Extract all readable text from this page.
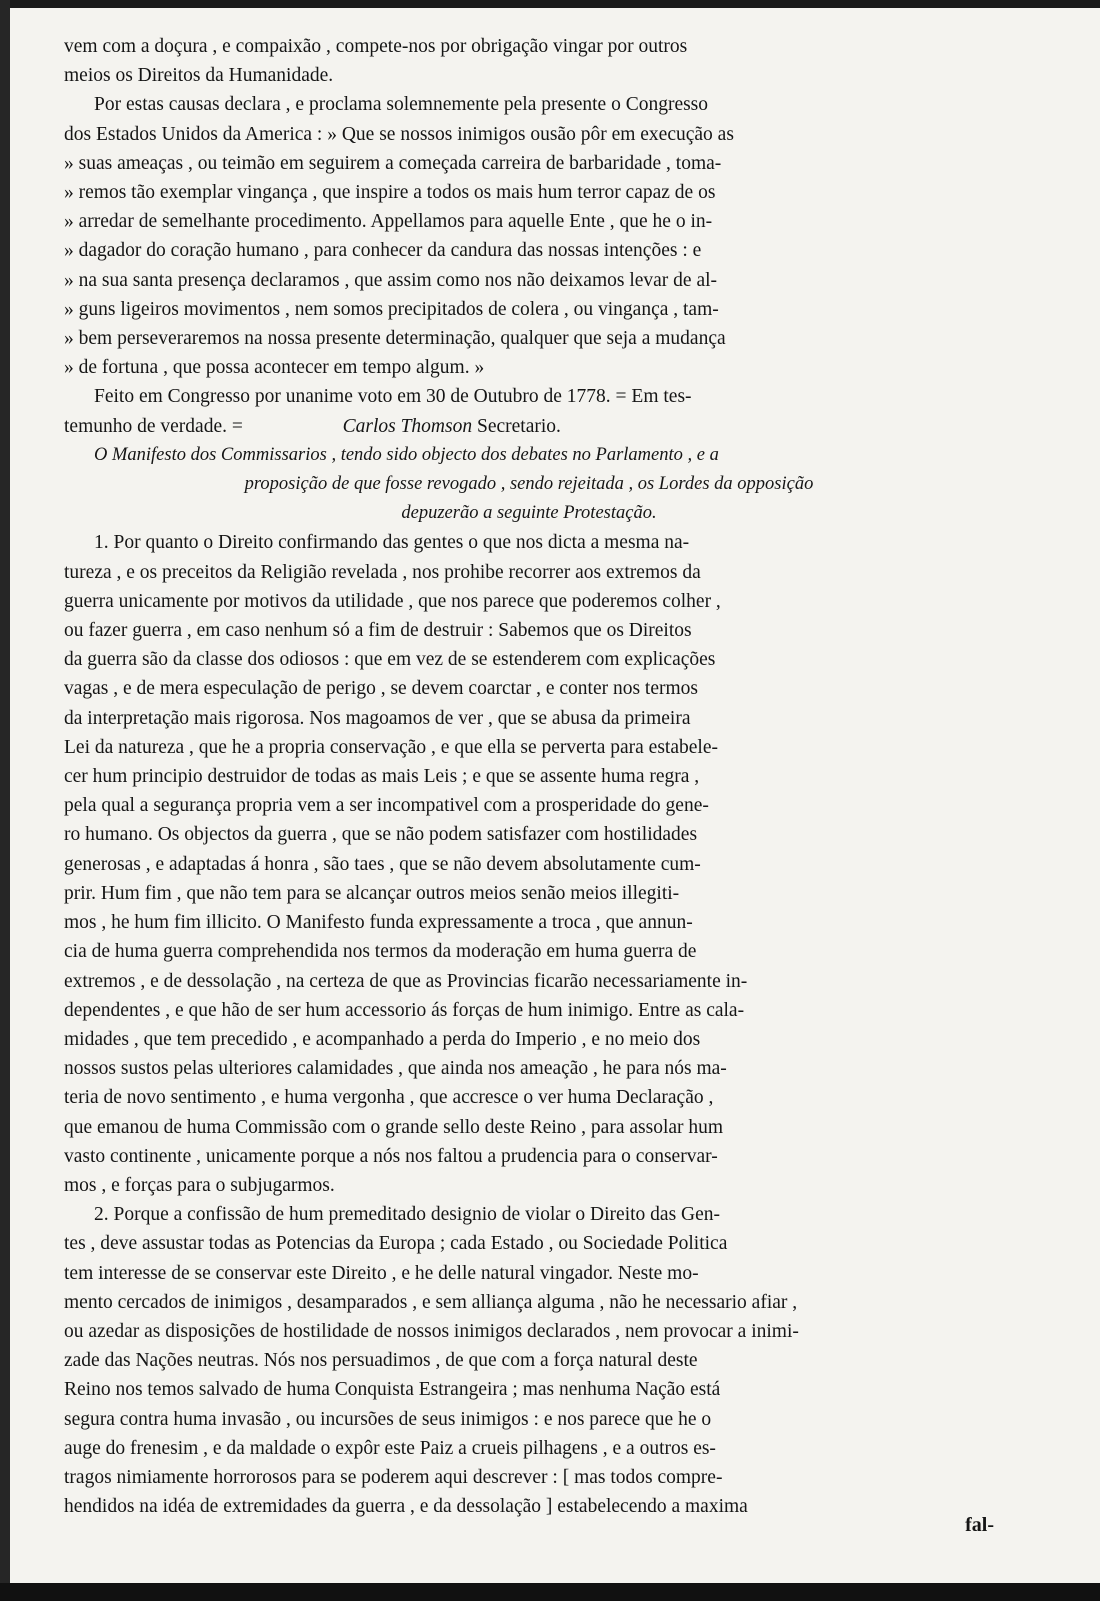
vem com a doçura , e compaixão , compete-nos por obrigação vingar por outros
meios os Direitos da Humanidade.
Por estas causas declara , e proclama solemnemente pela presente o Congresso
dos Estados Unidos da America : » Que se nossos inimigos ousão pôr em execução as
» suas ameaças , ou teimão em seguirem a começada carreira de barbaridade , toma-
» remos tão exemplar vingança , que inspire a todos os mais hum terror capaz de os
» arredar de semelhante procedimento. Appellamos para aquelle Ente , que he o in-
» dagador do coração humano , para conhecer da candura das nossas intenções : e
» na sua santa presença declaramos , que assim como nos não deixamos levar de al-
» guns ligeiros movimentos , nem somos precipitados de colera , ou vingança , tam-
» bem perseveraremos na nossa presente determinação, qualquer que seja a mudança
» de fortuna , que possa acontecer em tempo algum. »
Feito em Congresso por unanime voto em 30 de Outubro de 1778. = Em tes-
temunho de verdade. =	Carlos Thomson Secretario.
O Manifesto dos Commissarios , tendo sido objecto dos debates no Parlamento , e a
proposição de que fosse revogado , sendo rejeitada , os Lordes da opposição
depuzerão a seguinte Protestação.
1. Por quanto o Direito confirmando das gentes o que nos dicta a mesma na-
tureza , e os preceitos da Religião revelada , nos prohibe recorrer aos extremos da
guerra unicamente por motivos da utilidade , que nos parece que poderemos colher ,
ou fazer guerra , em caso nenhum só a fim de destruir : Sabemos que os Direitos
da guerra são da classe dos odiosos : que em vez de se estenderem com explicações
vagas , e de mera especulação de perigo , se devem coarctar , e conter nos termos
da interpretação mais rigorosa. Nos magoamos de ver , que se abusa da primeira
Lei da natureza , que he a propria conservação , e que ella se perverta para estabele-
cer hum principio destruidor de todas as mais Leis ; e que se assente huma regra ,
pela qual a segurança propria vem a ser incompativel com a prosperidade do gene-
ro humano. Os objectos da guerra , que se não podem satisfazer com hostilidades
generosas , e adaptadas á honra , são taes , que se não devem absolutamente cum-
prir. Hum fim , que não tem para se alcançar outros meios senão meios illegiti-
mos , he hum fim illicito. O Manifesto funda expressamente a troca , que annun-
cia de huma guerra comprehendida nos termos da moderação em huma guerra de
extremos , e de dessolação , na certeza de que as Provincias ficarão necessariamente in-
dependentes , e que hão de ser hum accessorio ás forças de hum inimigo. Entre as cala-
midades , que tem precedido , e acompanhado a perda do Imperio , e no meio dos
nossos sustos pelas ulteriores calamidades , que ainda nos ameação , he para nós ma-
teria de novo sentimento , e huma vergonha , que accresce o ver huma Declaração ,
que emanou de huma Commissão com o grande sello deste Reino , para assolar hum
vasto continente , unicamente porque a nós nos faltou a prudencia para o conservar-
mos , e forças para o subjugarmos.
2. Porque a confissão de hum premeditado designio de violar o Direito das Gen-
tes , deve assustar todas as Potencias da Europa ; cada Estado , ou Sociedade Politica
tem interesse de se conservar este Direito , e he delle natural vingador. Neste mo-
mento cercados de inimigos , desamparados , e sem alliança alguma , não he necessario afiar ,
ou azedar as disposições de hostilidade de nossos inimigos declarados , nem provocar a inimi-
zade das Nações neutras. Nós nos persuadimos , de que com a força natural deste
Reino nos temos salvado de huma Conquista Estrangeira ; mas nenhuma Nação está
segura contra huma invasão , ou incursões de seus inimigos : e nos parece que he o
auge do frenesim , e da maldade o expôr este Paiz a crueis pilhagens , e a outros es-
tragos nimiamente horrorosos para se poderem aqui descrever : [ mas todos compre-
hendidos na idéa de extremidades da guerra , e da dessolação ] estabelecendo a maxima
fal-
